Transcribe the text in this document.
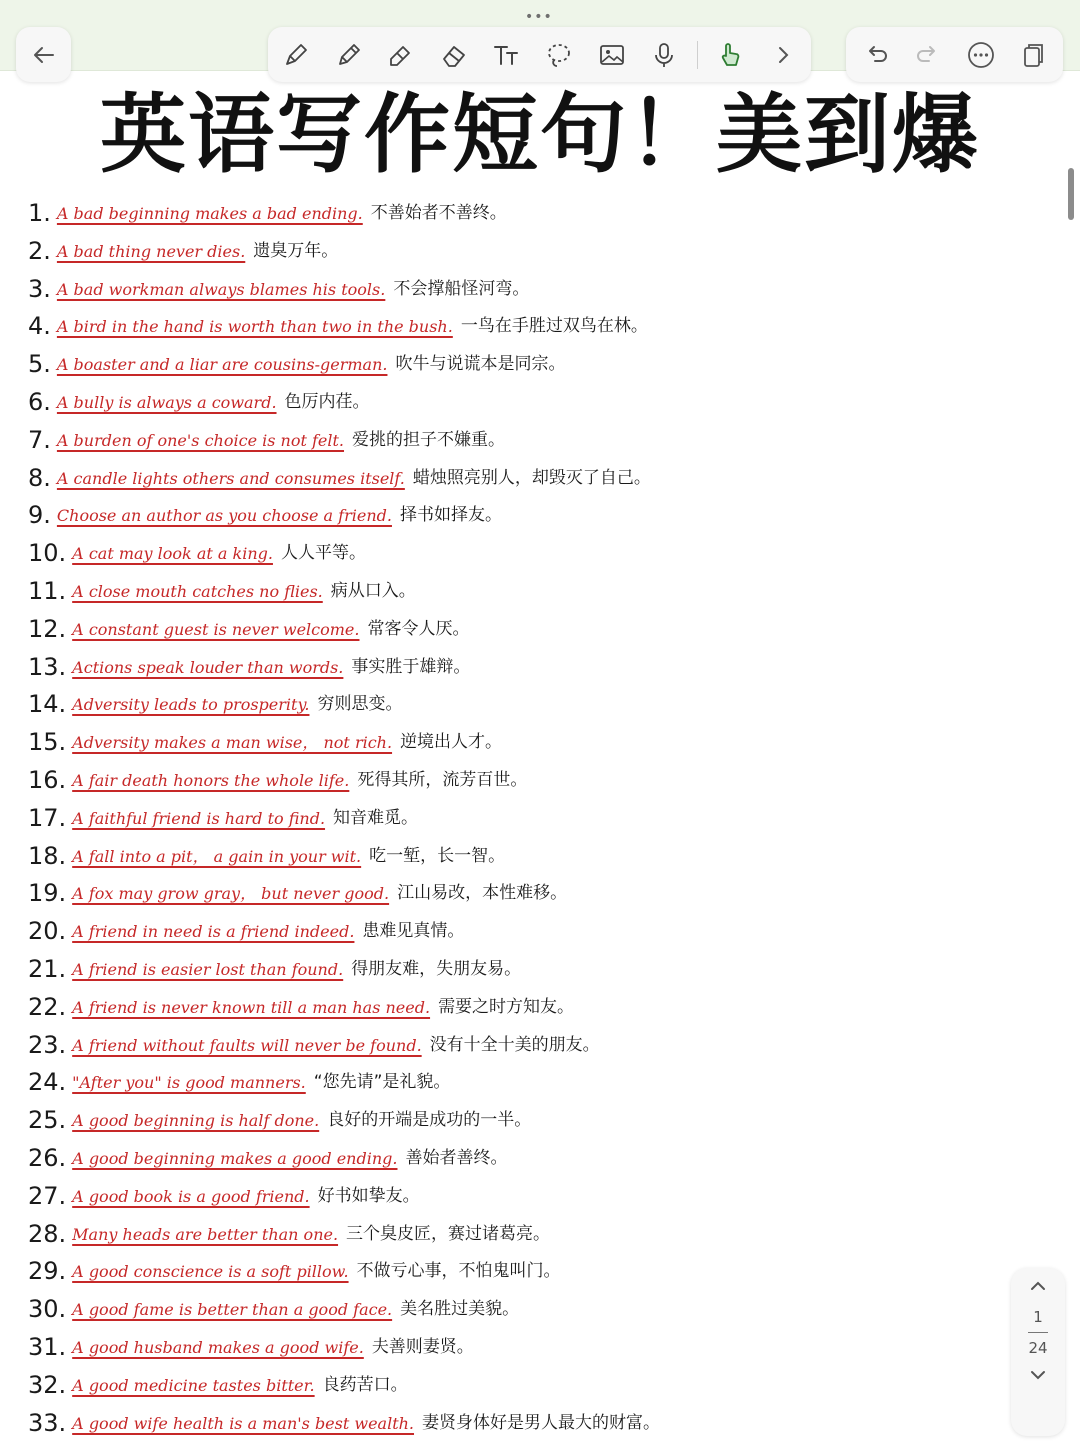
•••
英语写作短句！美到爆
1. A bad beginning makes a bad ending. 不善始者不善终。
2. A bad thing never dies. 遗臭万年。
3. A bad workman always blames his tools. 不会撑船怪河弯。
4. A bird in the hand is worth than two in the bush. 一鸟在手胜过双鸟在林。
5. A boaster and a liar are cousins-german. 吹牛与说谎本是同宗。
6. A bully is always a coward. 色厉内荏。
7. A burden of one's choice is not felt. 爱挑的担子不嫌重。
8. A candle lights others and consumes itself. 蜡烛照亮别人，却毁灭了自己。
9. Choose an author as you choose a friend. 择书如择友。
10. A cat may look at a king. 人人平等。
11. A close mouth catches no flies. 病从口入。
12. A constant guest is never welcome. 常客令人厌。
13. Actions speak louder than words. 事实胜于雄辩。
14. Adversity leads to prosperity. 穷则思变。
15. Adversity makes a man wise， not rich. 逆境出人才。
16. A fair death honors the whole life. 死得其所，流芳百世。
17. A faithful friend is hard to find. 知音难觅。
18. A fall into a pit， a gain in your wit. 吃一堑，长一智。
19. A fox may grow gray， but never good. 江山易改，本性难移。
20. A friend in need is a friend indeed. 患难见真情。
21. A friend is easier lost than found. 得朋友难，失朋友易。
22. A friend is never known till a man has need. 需要之时方知友。
23. A friend without faults will never be found. 没有十全十美的朋友。
24. "After you" is good manners. “您先请”是礼貌。
25. A good beginning is half done. 良好的开端是成功的一半。
26. A good beginning makes a good ending. 善始者善终。
27. A good book is a good friend. 好书如挚友。
28. Many heads are better than one. 三个臭皮匠，赛过诸葛亮。
29. A good conscience is a soft pillow. 不做亏心事，不怕鬼叫门。
30. A good fame is better than a good face. 美名胜过美貌。
31. A good husband makes a good wife. 夫善则妻贤。
32. A good medicine tastes bitter. 良药苦口。
33. A good wife health is a man's best wealth. 妻贤身体好是男人最大的财富。
1
24
